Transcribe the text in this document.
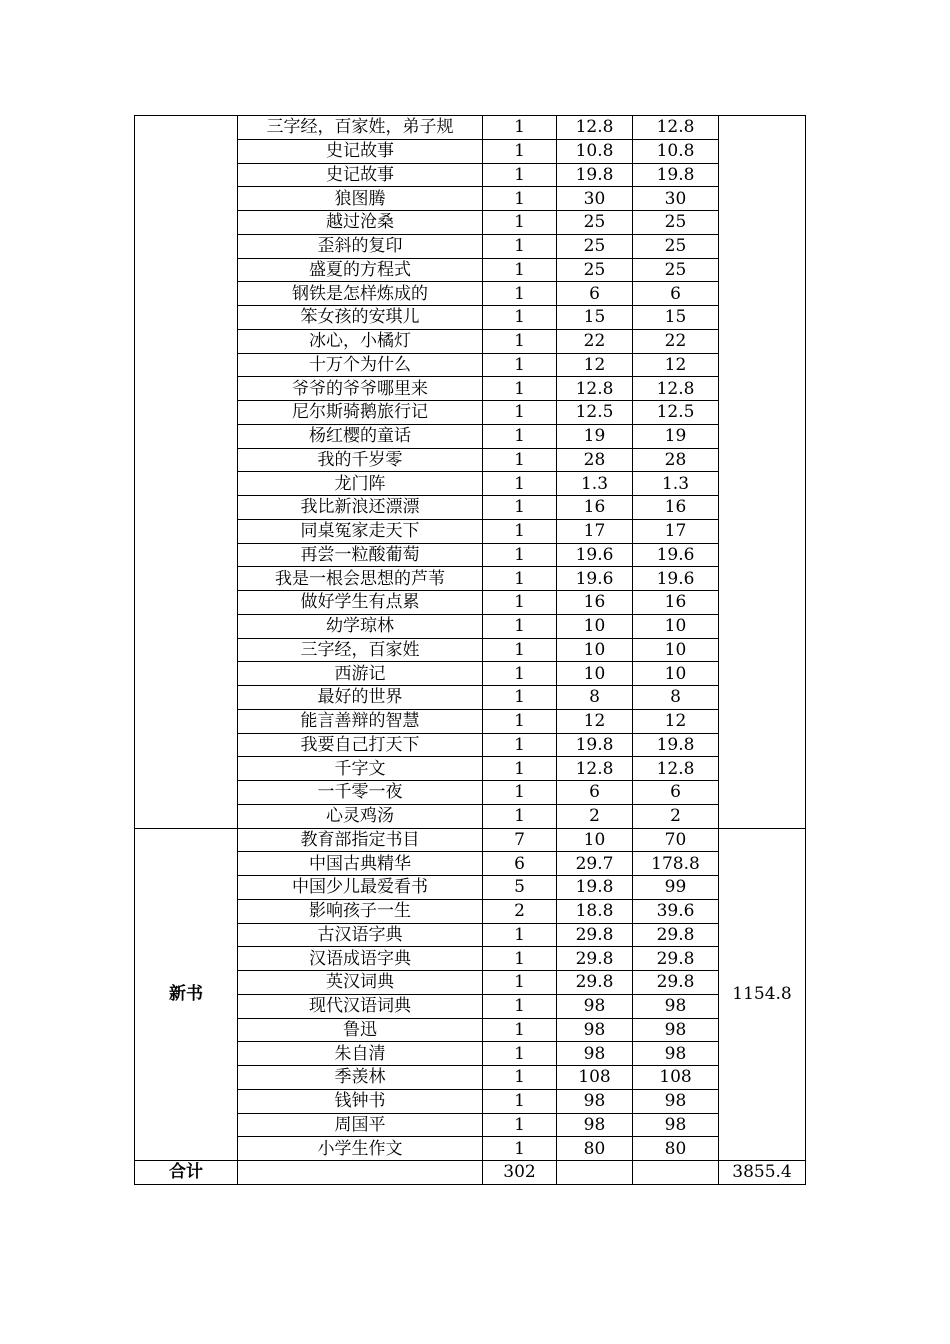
	三字经，百家姓，弟子规	1	12.8	12.8	
	史记故事	1	10.8	10.8	
	史记故事	1	19.8	19.8	
	狼图腾	1	30	30	
	越过沧桑	1	25	25	
	歪斜的复印	1	25	25	
	盛夏的方程式	1	25	25	
	钢铁是怎样炼成的	1	6	6	
	笨女孩的安琪儿	1	15	15	
	冰心，小橘灯	1	22	22	
	十万个为什么	1	12	12	
	爷爷的爷爷哪里来	1	12.8	12.8	
	尼尔斯骑鹅旅行记	1	12.5	12.5	
	杨红樱的童话	1	19	19	
	我的千岁零	1	28	28	
	龙门阵	1	1.3	1.3	
	我比新浪还漂漂	1	16	16	
	同桌冤家走天下	1	17	17	
	再尝一粒酸葡萄	1	19.6	19.6	
	我是一根会思想的芦苇	1	19.6	19.6	
	做好学生有点累	1	16	16	
	幼学琼林	1	10	10	
	三字经，百家姓	1	10	10	
	西游记	1	10	10	
	最好的世界	1	8	8	
	能言善辩的智慧	1	12	12	
	我要自己打天下	1	19.8	19.8	
	千字文	1	12.8	12.8	
	一千零一夜	1	6	6	
	心灵鸡汤	1	2	2	
新书	教育部指定书目	7	10	70	1154.8
	中国古典精华	6	29.7	178.8	
	中国少儿最爱看书	5	19.8	99	
	影响孩子一生	2	18.8	39.6	
	古汉语字典	1	29.8	29.8	
	汉语成语字典	1	29.8	29.8	
	英汉词典	1	29.8	29.8	
	现代汉语词典	1	98	98	
	鲁迅	1	98	98	
	朱自清	1	98	98	
	季羡林	1	108	108	
	钱钟书	1	98	98	
	周国平	1	98	98	
	小学生作文	1	80	80	
合计		302			3855.4
